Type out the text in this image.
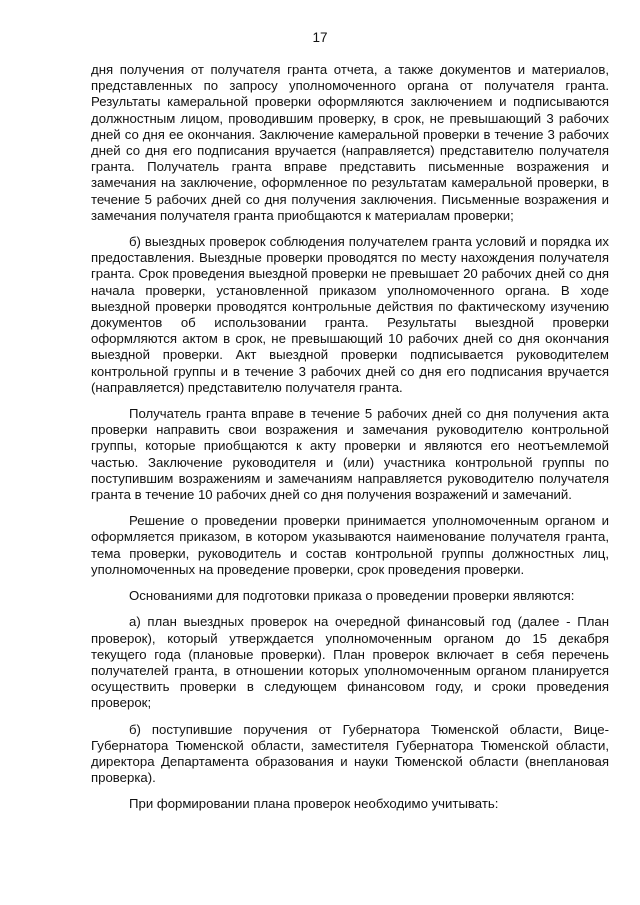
17

дня получения от получателя гранта отчета, а также документов и материалов, представленных по запросу уполномоченного органа от получателя гранта. Результаты камеральной проверки оформляются заключением и подписываются должностным лицом, проводившим проверку, в срок, не превышающий 3 рабочих дней со дня ее окончания. Заключение камеральной проверки в течение 3 рабочих дней со дня его подписания вручается (направляется) представителю получателя гранта. Получатель гранта вправе представить письменные возражения и замечания на заключение, оформленное по результатам камеральной проверки, в течение 5 рабочих дней со дня получения заключения. Письменные возражения и замечания получателя гранта приобщаются к материалам проверки;

б) выездных проверок соблюдения получателем гранта условий и порядка их предоставления. Выездные проверки проводятся по месту нахождения получателя гранта. Срок проведения выездной проверки не превышает 20 рабочих дней со дня начала проверки, установленной приказом уполномоченного органа. В ходе выездной проверки проводятся контрольные действия по фактическому изучению документов об использовании гранта. Результаты выездной проверки оформляются актом в срок, не превышающий 10 рабочих дней со дня окончания выездной проверки. Акт выездной проверки подписывается руководителем контрольной группы и в течение 3 рабочих дней со дня его подписания вручается (направляется) представителю получателя гранта.

Получатель гранта вправе в течение 5 рабочих дней со дня получения акта проверки направить свои возражения и замечания руководителю контрольной группы, которые приобщаются к акту проверки и являются его неотъемлемой частью. Заключение руководителя и (или) участника контрольной группы по поступившим возражениям и замечаниям направляется руководителю получателя гранта в течение 10 рабочих дней со дня получения возражений и замечаний.

Решение о проведении проверки принимается уполномоченным органом и оформляется приказом, в котором указываются наименование получателя гранта, тема проверки, руководитель и состав контрольной группы должностных лиц, уполномоченных на проведение проверки, срок проведения проверки.

Основаниями для подготовки приказа о проведении проверки являются:

а) план выездных проверок на очередной финансовый год (далее - План проверок), который утверждается уполномоченным органом до 15 декабря текущего года (плановые проверки). План проверок включает в себя перечень получателей гранта, в отношении которых уполномоченным органом планируется осуществить проверки в следующем финансовом году, и сроки проведения проверок;

б) поступившие поручения от Губернатора Тюменской области, Вице-Губернатора Тюменской области, заместителя Губернатора Тюменской области, директора Департамента образования и науки Тюменской области (внеплановая проверка).

При формировании плана проверок необходимо учитывать:
